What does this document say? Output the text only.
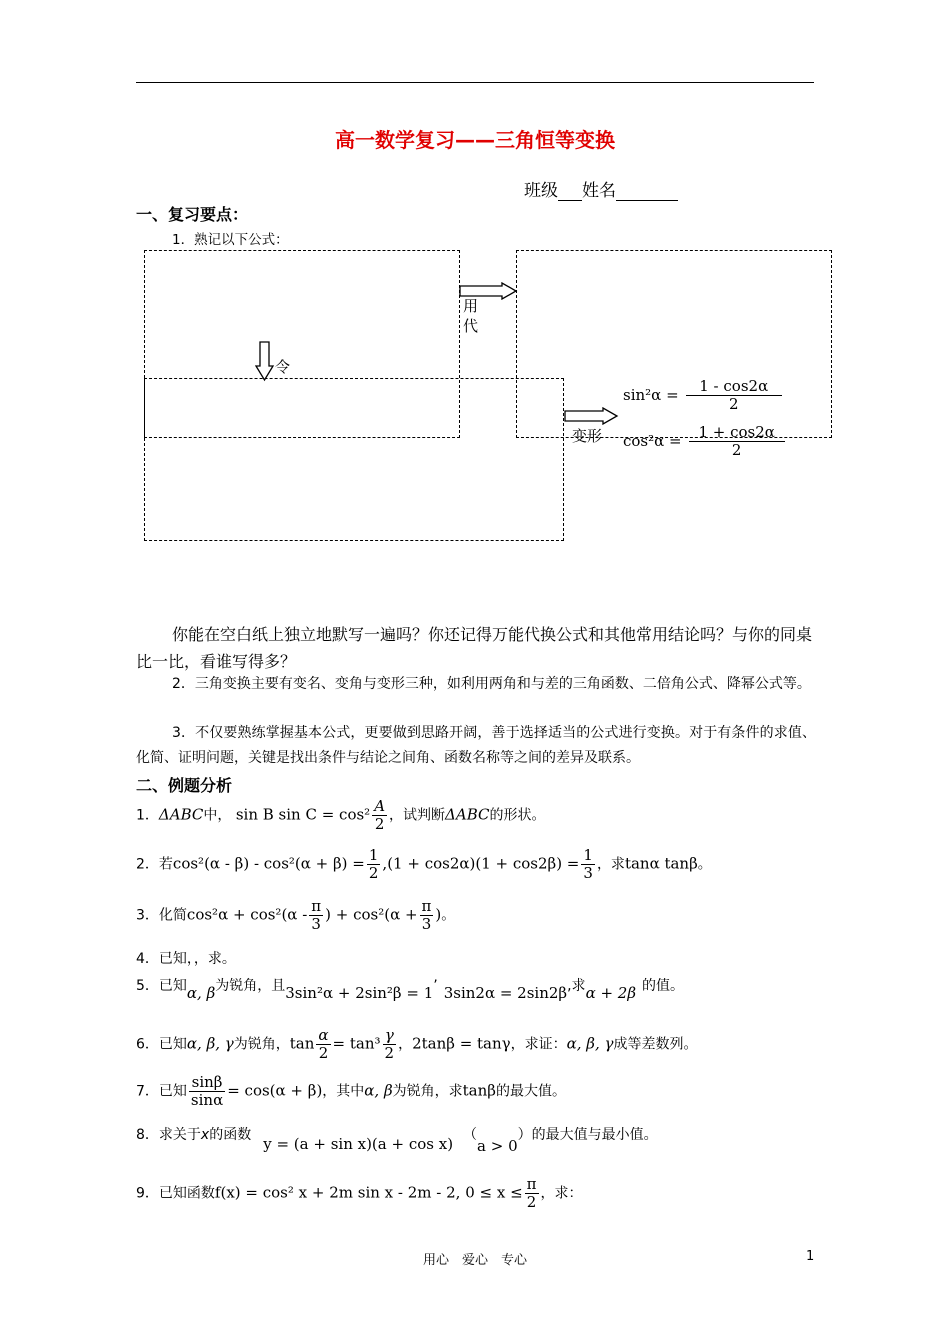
高一数学复习——三角恒等变换
班级 姓名
一、复习要点：
1．熟记以下公式：
用
代
令
变形
$\sin^2\alpha = \frac{1 - \cos 2\alpha}{2}$
$\cos^2\alpha = \frac{1 + \cos 2\alpha}{2}$
你能在空白纸上独立地默写一遍吗？你还记得万能代换公式和其他常用结论吗？与你的同桌比一比，看谁写得多？
2．三角变换主要有变名、变角与变形三种，如利用两角和与差的三角函数、二倍角公式、降幂公式等。
3．不仅要熟练掌握基本公式，更要做到思路开阔，善于选择适当的公式进行变换。对于有条件的求值、化简、证明问题，关键是找出条件与结论之间角、函数名称等之间的差异及联系。
二、例题分析
1．ΔABC中， sin B $\sin C = \cos^2 \frac{A}{2}$ ，试判断ΔABC的形状。
2．若$\cos^2(\alpha - \beta) - \cos^2(\alpha + \beta) = \frac{1}{2} ,(1 + \cos 2\alpha)(1 + \cos 2\beta) = \frac{1}{3}$ ，求tanα tanβ。
3．化简$\cos^2\alpha + \cos^2(\alpha - \frac{\pi}{3}$ ) + $\cos^2(\alpha + \frac{\pi}{3}$ )。
4．已知，，求。
5．已知α, β为锐角，且3sin²α + 2sin²β = 1’ 3sin2α = 2sin2β,求α + 2β 的值。
6．已知α, β, γ为锐角，$\tan \frac{\alpha}{2} = \tan^3 \frac{\gamma}{2}$ ，2tanβ = tanγ，求证：α, β, γ成等差数列。
7．已知 $\frac{\sin\beta}{\sin\alpha} = \cos(\alpha + \beta)$，其中α, β为锐角，求tanβ的最大值。
8．求关于x的函数 y = (a + sin x)(a + cos x) （a > 0）的最大值与最小值。
9．已知函数f(x) = cos² x + 2m sin x - 2m - 2, $0 \le x \le \frac{\pi}{2}$ ，求：
用心　爱心　专心	1
